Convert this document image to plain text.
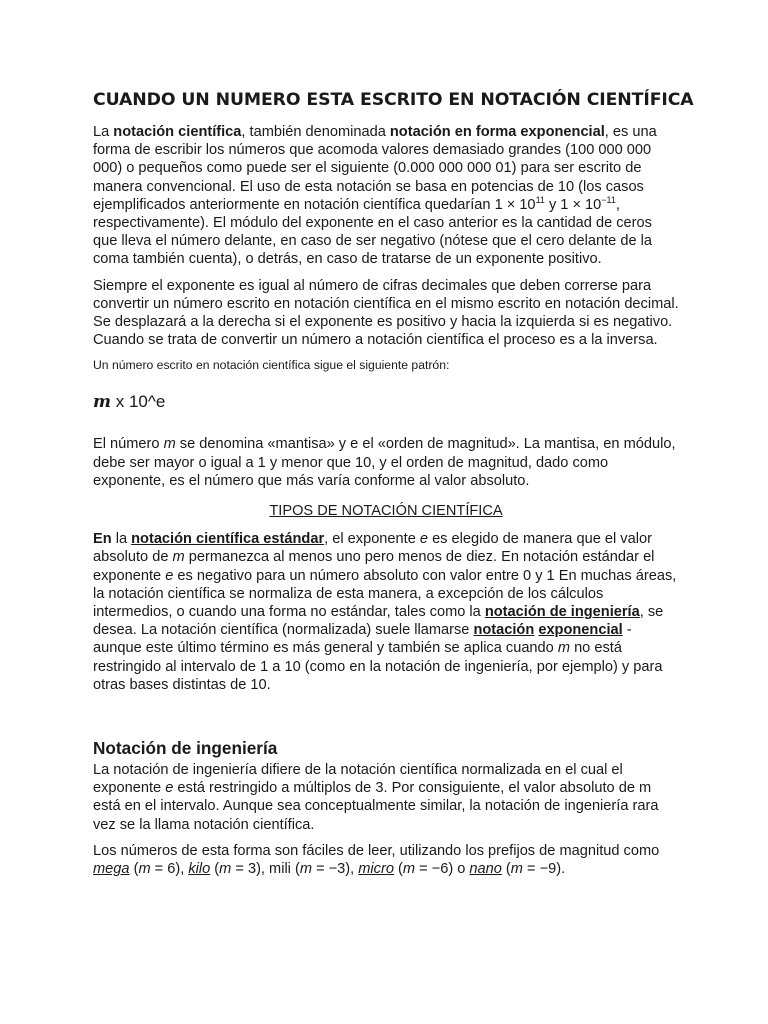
CUANDO UN NUMERO ESTA ESCRITO EN NOTACIÓN CIENTÍFICA

La notación científica, también denominada notación en forma exponencial, es una forma de escribir los números que acomoda valores demasiado grandes (100 000 000 000) o pequeños como puede ser el siguiente (0.000 000 000 01) para ser escrito de manera convencional. El uso de esta notación se basa en potencias de 10 (los casos ejemplificados anteriormente en notación científica quedarían $1 \times 10^{11}$ y $1 \times 10^{-11}$, respectivamente). El módulo del exponente en el caso anterior es la cantidad de ceros que lleva el número delante, en caso de ser negativo (nótese que el cero delante de la coma también cuenta), o detrás, en caso de tratarse de un exponente positivo.

Siempre el exponente es igual al número de cifras decimales que deben correrse para convertir un número escrito en notación científica en el mismo escrito en notación decimal. Se desplazará a la derecha si el exponente es positivo y hacia la izquierda si es negativo. Cuando se trata de convertir un número a notación científica el proceso es a la inversa.

Un número escrito en notación científica sigue el siguiente patrón:

m x 10^e

El número m se denomina «mantisa» y e el «orden de magnitud». La mantisa, en módulo, debe ser mayor o igual a 1 y menor que 10, y el orden de magnitud, dado como exponente, es el número que más varía conforme al valor absoluto.

TIPOS DE NOTACIÓN CIENTÍFICA

En la notación científica estándar, el exponente e es elegido de manera que el valor absoluto de m permanezca al menos uno pero menos de diez. En notación estándar el exponente e es negativo para un número absoluto con valor entre 0 y 1 En muchas áreas, la notación científica se normaliza de esta manera, a excepción de los cálculos intermedios, o cuando una forma no estándar, tales como la notación de ingeniería, se desea. La notación científica (normalizada) suele llamarse notación exponencial - aunque este último término es más general y también se aplica cuando m no está restringido al intervalo de 1 a 10 (como en la notación de ingeniería, por ejemplo) y para otras bases distintas de 10.

Notación de ingeniería

La notación de ingeniería difiere de la notación científica normalizada en el cual el exponente e está restringido a múltiplos de 3. Por consiguiente, el valor absoluto de m está en el intervalo. Aunque sea conceptualmente similar, la notación de ingeniería rara vez se la llama notación científica.

Los números de esta forma son fáciles de leer, utilizando los prefijos de magnitud como mega (m = 6), kilo (m = 3), mili (m = −3), micro (m = −6) o nano (m = −9).
